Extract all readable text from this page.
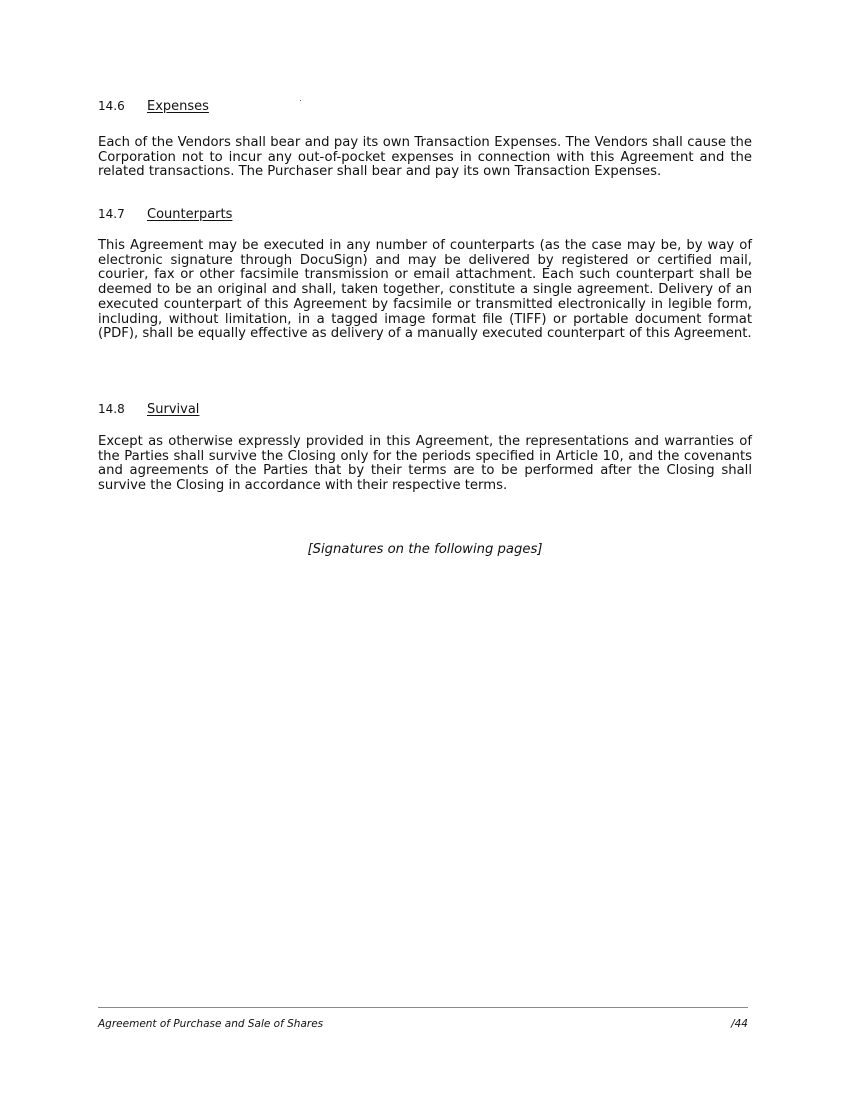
14.6 Expenses

Each of the Vendors shall bear and pay its own Transaction Expenses. The Vendors shall cause the Corporation not to incur any out-of-pocket expenses in connection with this Agreement and the related transactions. The Purchaser shall bear and pay its own Transaction Expenses.

14.7 Counterparts

This Agreement may be executed in any number of counterparts (as the case may be, by way of electronic signature through DocuSign) and may be delivered by registered or certified mail, courier, fax or other facsimile transmission or email attachment. Each such counterpart shall be deemed to be an original and shall, taken together, constitute a single agreement. Delivery of an executed counterpart of this Agreement by facsimile or transmitted electronically in legible form, including, without limitation, in a tagged image format file (TIFF) or portable document format (PDF), shall be equally effective as delivery of a manually executed counterpart of this Agreement.

14.8 Survival

Except as otherwise expressly provided in this Agreement, the representations and warranties of the Parties shall survive the Closing only for the periods specified in Article 10, and the covenants and agreements of the Parties that by their terms are to be performed after the Closing shall survive the Closing in accordance with their respective terms.

[Signatures on the following pages]
Agreement of Purchase and Sale of Shares	/44
